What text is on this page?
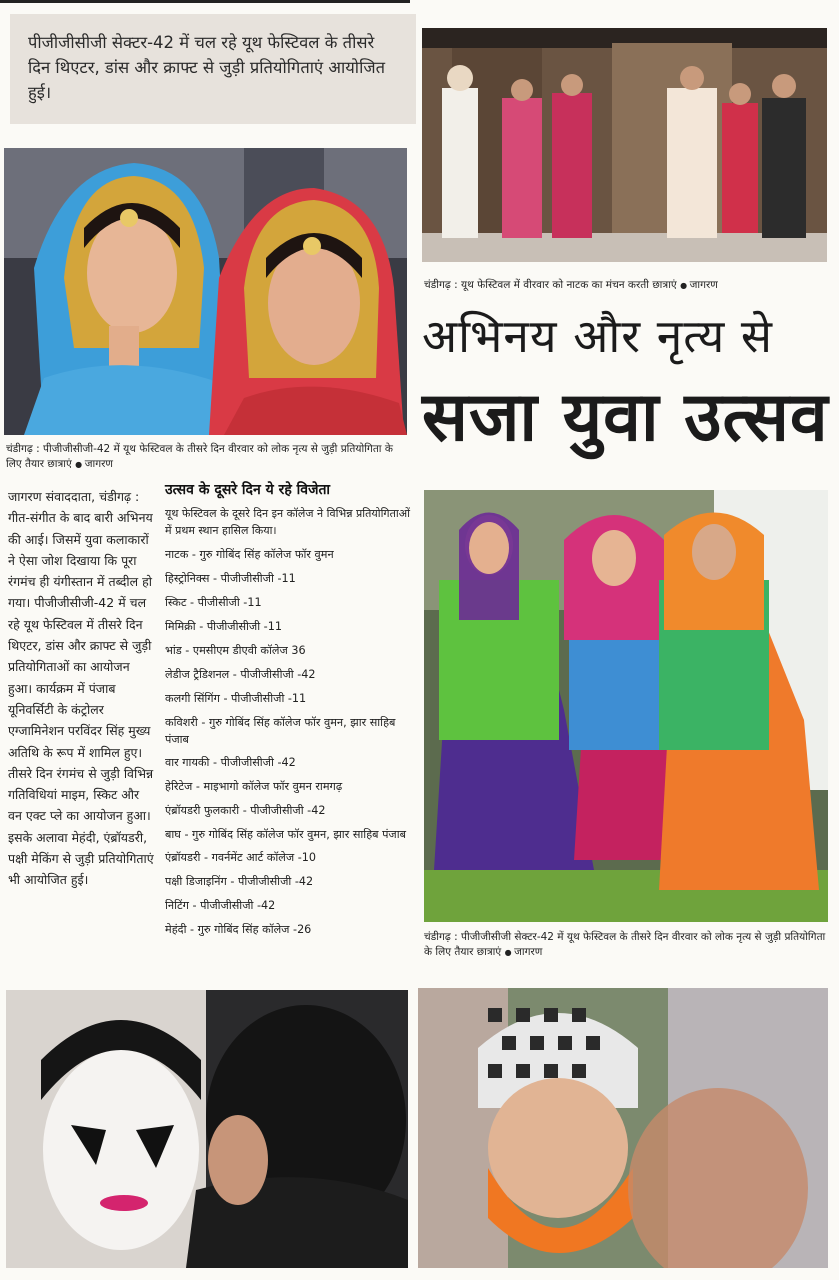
पीजीजीसीजी सेक्टर-42 में चल रहे यूथ फेस्टिवल के तीसरे दिन थिएटर, डांस और क्राफ्ट से जुड़ी प्रतियोगिताएं आयोजित हुई।
चंडीगढ़ : पीजीजीसीजी-42 में यूथ फेस्टिवल के तीसरे दिन वीरवार को लोक नृत्य से जुड़ी प्रतियोगिता के लिए तैयार छात्राएं ● जागरण
चंडीगढ़ : यूथ फेस्टिवल में वीरवार को नाटक का मंचन करती छात्राएं ● जागरण
अभिनय और नृत्य से
सजा युवा उत्सव
जागरण संवाददाता, चंडीगढ़ : गीत-संगीत के बाद बारी अभिनय की आई। जिसमें युवा कलाकारों ने ऐसा जोश दिखाया कि पूरा रंगमंच ही यंगीस्तान में तब्दील हो गया। पीजीजीसीजी-42 में चल रहे यूथ फेस्टिवल में तीसरे दिन थिएटर, डांस और क्राफ्ट से जुड़ी प्रतियोगिताओं का आयोजन हुआ। कार्यक्रम में पंजाब यूनिवर्सिटी के कंट्रोलर एग्जामिनेशन परविंदर सिंह मुख्य अतिथि के रूप में शामिल हुए। तीसरे दिन रंगमंच से जुड़ी विभिन्न गतिविधियां माइम, स्किट और वन एक्ट प्ले का आयोजन हुआ। इसके अलावा मेहंदी, एंब्रॉयडरी, पक्षी मेकिंग से जुड़ी प्रतियोगिताएं भी आयोजित हुई।
उत्सव के दूसरे दिन ये रहे विजेता
यूथ फेस्टिवल के दूसरे दिन इन कॉलेज ने विभिन्न प्रतियोगिताओं में प्रथम स्थान हासिल किया।
नाटक - गुरु गोबिंद सिंह कॉलेज फॉर वुमन
हिस्ट्रोनिक्स - पीजीजीसीजी -11
स्किट - पीजीसीजी -11
मिमिक्री - पीजीजीसीजी -11
भांड - एमसीएम डीएवी कॉलेज 36
लेडीज ट्रैडिशनल - पीजीजीसीजी -42
कलगी सिंगिंग - पीजीजीसीजी -11
कविशरी - गुरु गोबिंद सिंह कॉलेज फॉर वुमन, झार साहिब पंजाब
वार गायकी - पीजीजीसीजी -42
हेरिटेज - माइभागो कॉलेज फॉर वुमन रामगढ़
एंब्रॉयडरी फुलकारी - पीजीजीसीजी -42
बाघ - गुरु गोबिंद सिंह कॉलेज फॉर वुमन, झार साहिब पंजाब
एंब्रॉयडरी - गवर्नमेंट आर्ट कॉलेज -10
पक्षी डिजाइनिंग - पीजीजीसीजी -42
निटिंग - पीजीजीसीजी -42
मेहंदी - गुरु गोबिंद सिंह कॉलेज -26
चंडीगढ़ : पीजीजीसीजी सेक्टर-42 में यूथ फेस्टिवल के तीसरे दिन वीरवार को लोक नृत्य से जुड़ी प्रतियोगिता के लिए तैयार छात्राएं ● जागरण
